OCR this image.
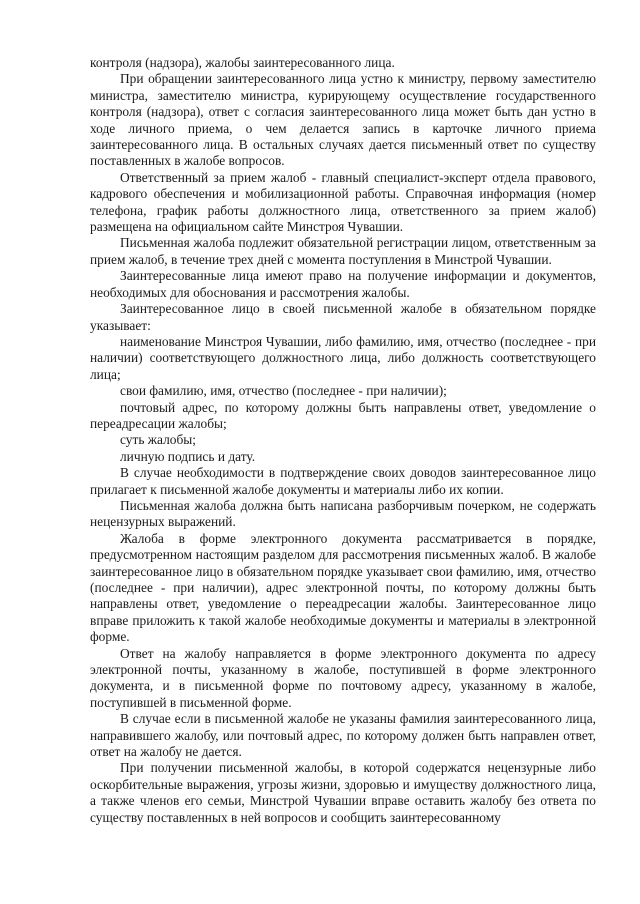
контроля (надзора), жалобы заинтересованного лица.

При обращении заинтересованного лица устно к министру, первому заместителю министра, заместителю министра, курирующему осуществление государственного контроля (надзора), ответ с согласия заинтересованного лица может быть дан устно в ходе личного приема, о чем делается запись в карточке личного приема заинтересованного лица. В остальных случаях дается письменный ответ по существу поставленных в жалобе вопросов.

Ответственный за прием жалоб - главный специалист-эксперт отдела правового, кадрового обеспечения и мобилизационной работы. Справочная информация (номер телефона, график работы должностного лица, ответственного за прием жалоб) размещена на официальном сайте Минстроя Чувашии.

Письменная жалоба подлежит обязательной регистрации лицом, ответственным за прием жалоб, в течение трех дней с момента поступления в Минстрой Чувашии.

Заинтересованные лица имеют право на получение информации и документов, необходимых для обоснования и рассмотрения жалобы.

Заинтересованное лицо в своей письменной жалобе в обязательном порядке указывает:

наименование Минстроя Чувашии, либо фамилию, имя, отчество (последнее - при наличии) соответствующего должностного лица, либо должность соответствующего лица;

свои фамилию, имя, отчество (последнее - при наличии);

почтовый адрес, по которому должны быть направлены ответ, уведомление о переадресации жалобы;

суть жалобы;

личную подпись и дату.

В случае необходимости в подтверждение своих доводов заинтересованное лицо прилагает к письменной жалобе документы и материалы либо их копии.

Письменная жалоба должна быть написана разборчивым почерком, не содержать нецензурных выражений.

Жалоба в форме электронного документа рассматривается в порядке, предусмотренном настоящим разделом для рассмотрения письменных жалоб. В жалобе заинтересованное лицо в обязательном порядке указывает свои фамилию, имя, отчество (последнее - при наличии), адрес электронной почты, по которому должны быть направлены ответ, уведомление о переадресации жалобы. Заинтересованное лицо вправе приложить к такой жалобе необходимые документы и материалы в электронной форме.

Ответ на жалобу направляется в форме электронного документа по адресу электронной почты, указанному в жалобе, поступившей в форме электронного документа, и в письменной форме по почтовому адресу, указанному в жалобе, поступившей в письменной форме.

В случае если в письменной жалобе не указаны фамилия заинтересованного лица, направившего жалобу, или почтовый адрес, по которому должен быть направлен ответ, ответ на жалобу не дается.

При получении письменной жалобы, в которой содержатся нецензурные либо оскорбительные выражения, угрозы жизни, здоровью и имуществу должностного лица, а также членов его семьи, Минстрой Чувашии вправе оставить жалобу без ответа по существу поставленных в ней вопросов и сообщить заинтересованному
